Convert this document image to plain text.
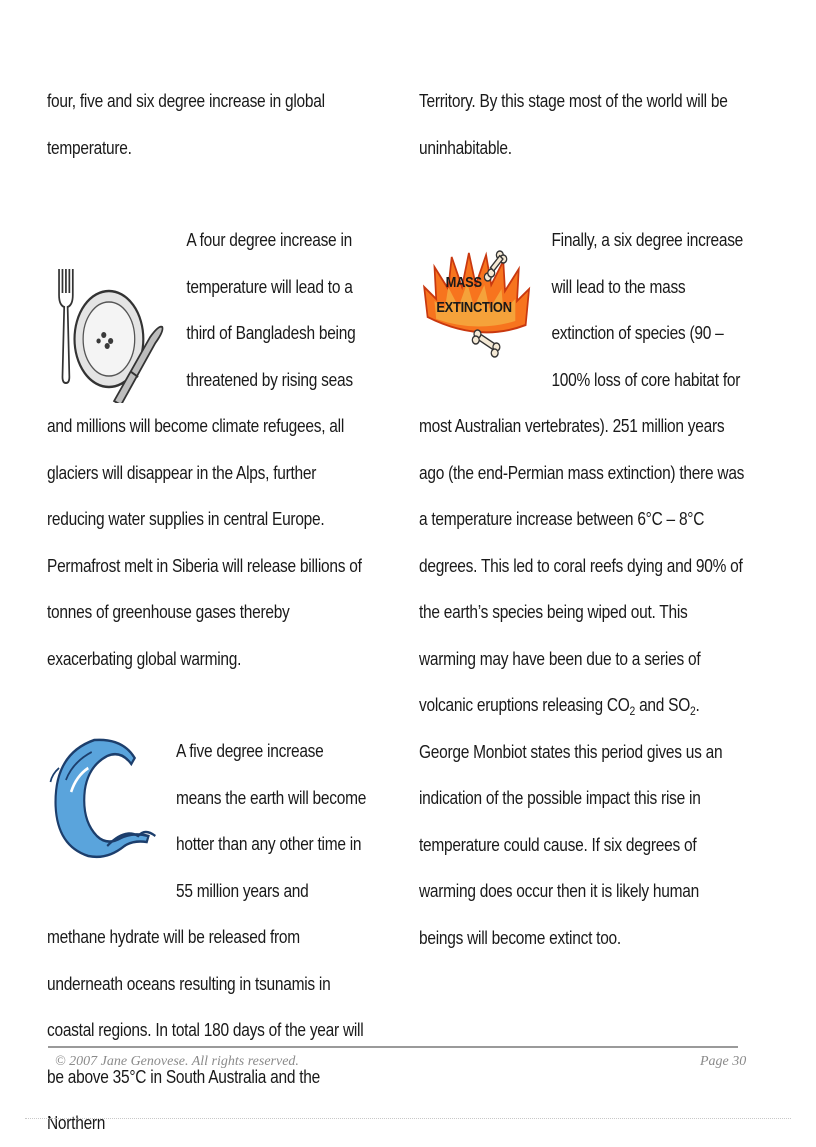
four, five and six degree increase in global temperature.

A four degree increase in temperature will lead to a third of Bangladesh being threatened by rising seas and millions will become climate refugees, all glaciers will disappear in the Alps, further reducing water supplies in central Europe. Permafrost melt in Siberia will release billions of tonnes of greenhouse gases thereby exacerbating global warming.

A five degree increase means the earth will become hotter than any other time in 55 million years and methane hydrate will be released from underneath oceans resulting in tsunamis in coastal regions. In total 180 days of the year will be above 35°C in South Australia and the Northern

Territory. By this stage most of the world will be uninhabitable.

MASS
EXTINCTION

Finally, a six degree increase will lead to the mass extinction of species (90 – 100% loss of core habitat for most Australian vertebrates). 251 million years ago (the end-Permian mass extinction) there was a temperature increase between 6°C – 8°C degrees. This led to coral reefs dying and 90% of the earth’s species being wiped out. This warming may have been due to a series of volcanic eruptions releasing $CO_2$ and $SO_2$. George Monbiot states this period gives us an indication of the possible impact this rise in temperature could cause. If six degrees of warming does occur then it is likely human beings will become extinct too.

© 2007 Jane Genovese. All rights reserved.	Page 30
